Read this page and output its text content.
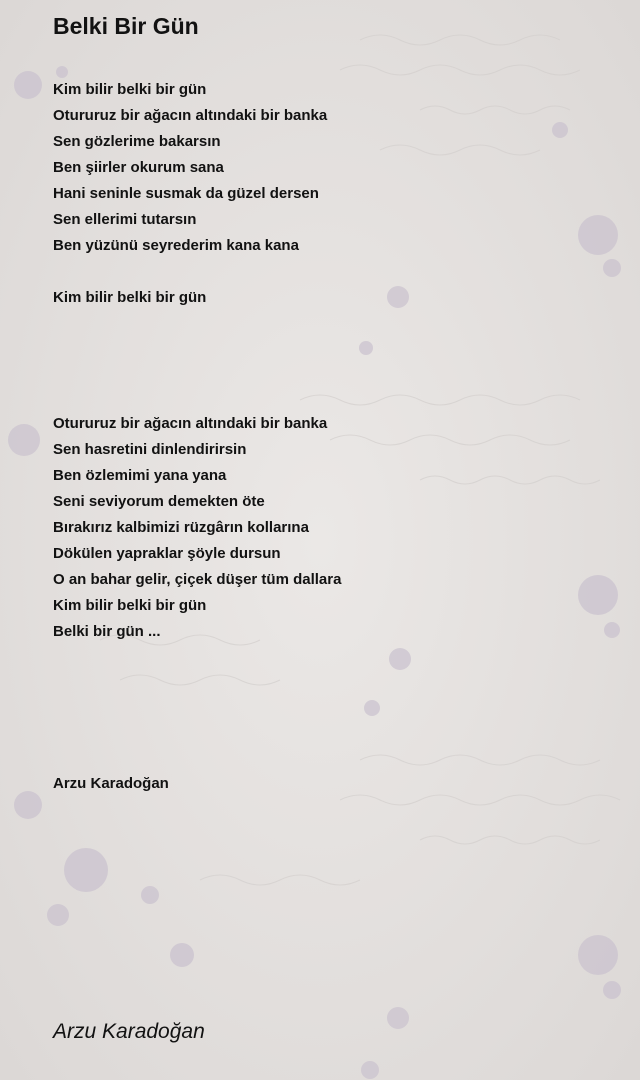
Belki Bir Gün
Kim bilir belki bir gün
Otururuz bir ağacın altındaki bir banka
Sen gözlerime bakarsın
Ben şiirler okurum sana
Hani seninle susmak da güzel dersen
Sen ellerimi tutarsın
Ben yüzünü seyrederim kana kana
Kim bilir belki bir gün
Otururuz bir ağacın altındaki bir banka
Sen hasretini dinlendirirsin
Ben özlemimi yana yana
Seni seviyorum demekten öte
Bırakırız kalbimizi rüzgârın kollarına
Dökülen yapraklar şöyle dursun
O an bahar gelir, çiçek düşer tüm dallara
Kim bilir belki bir gün
Belki bir gün ...
Arzu Karadoğan
Arzu Karadoğan
